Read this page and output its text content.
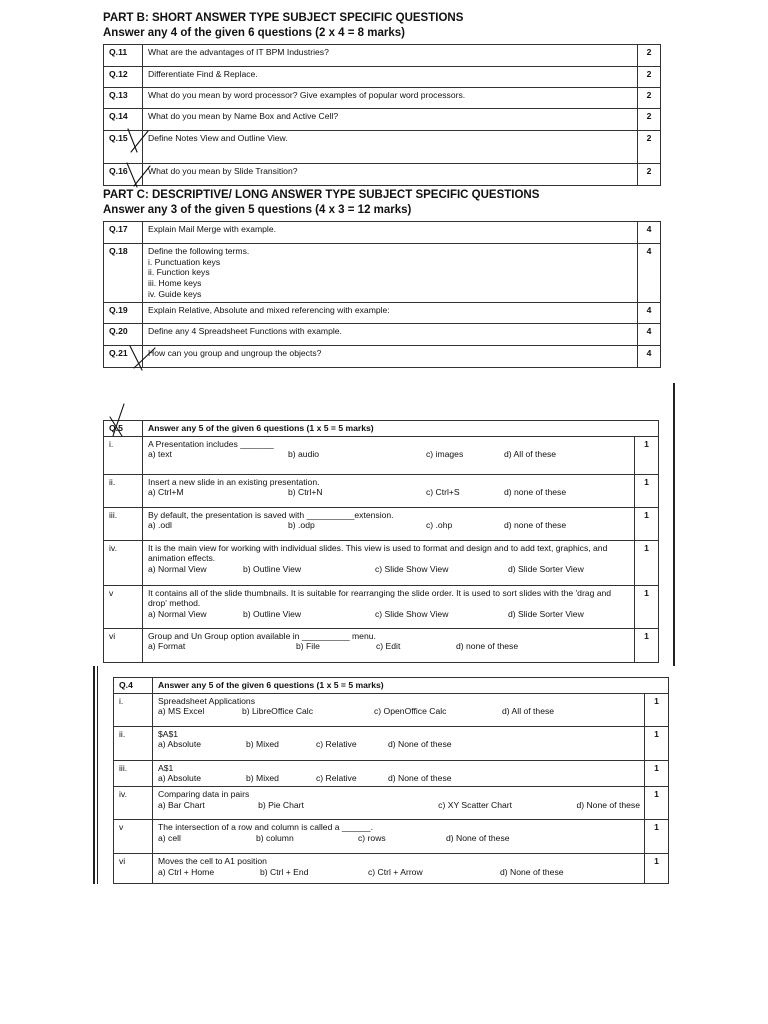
PART B: SHORT ANSWER TYPE SUBJECT SPECIFIC QUESTIONS
Answer any 4 of the given 6 questions (2 x 4 = 8 marks)
Q.11	What are the advantages of IT BPM Industries?	2
Q.12	Differentiate Find & Replace.	2
Q.13	What do you mean by word processor? Give examples of popular word processors.	2
Q.14	What do you mean by Name Box and Active Cell?	2
Q.15	Define Notes View and Outline View.	2
Q.16	What do you mean by Slide Transition?	2
PART C: DESCRIPTIVE/ LONG ANSWER TYPE SUBJECT SPECIFIC QUESTIONS
Answer any 3 of the given 5 questions (4 x 3 = 12 marks)
Q.17	Explain Mail Merge with example.	4
Q.18	Define the following terms.
i. Punctuation keys
ii. Function keys
iii. Home keys
iv. Guide keys	4
Q.19	Explain Relative, Absolute and mixed referencing with example:	4
Q.20	Define any 4 Spreadsheet Functions with example.	4
Q.21	How can you group and ungroup the objects?	4
Q.5	Answer any 5 of the given 6 questions (1 x 5 = 5 marks)	
i.	A Presentation includes _______
a) text b) audio c) images d) All of these	1
ii.	Insert a new slide in an existing presentation.
a) Ctrl+M b) Ctrl+N c) Ctrl+S d) none of these	1
iii.	By default, the presentation is saved with __________extension.
a) .odl b) .odp c) .ohp d) none of these	1
iv.	It is the main view for working with individual slides. This view is used to format and design and to add text, graphics, and animation effects.
a) Normal View b) Outline View c) Slide Show View d) Slide Sorter View	1
v	It contains all of the slide thumbnails. It is suitable for rearranging the slide order. It is used to sort slides with the 'drag and drop' method.
a) Normal View b) Outline View c) Slide Show View d) Slide Sorter View	1
vi	Group and Un Group option available in __________ menu.
a) Format b) File c) Edit d) none of these	1
Q.4	Answer any 5 of the given 6 questions (1 x 5 = 5 marks)	
i.	Spreadsheet Applications
a) MS Excel b) LibreOffice Calc c) OpenOffice Calc d) All of these	1
ii.	$A$1
a) Absolute b) Mixed c) Relative d) None of these	1
iii.	A$1
a) Absolute b) Mixed c) Relative d) None of these	1
iv.	Comparing data in pairs
a) Bar Chart b) Pie Chart c) XY Scatter Chart d) None of these	1
v	The intersection of a row and column is called a ______.
a) cell b) column c) rows d) None of these	1
vi	Moves the cell to A1 position
a) Ctrl + Home b) Ctrl + End c) Ctrl + Arrow d) None of these	1
